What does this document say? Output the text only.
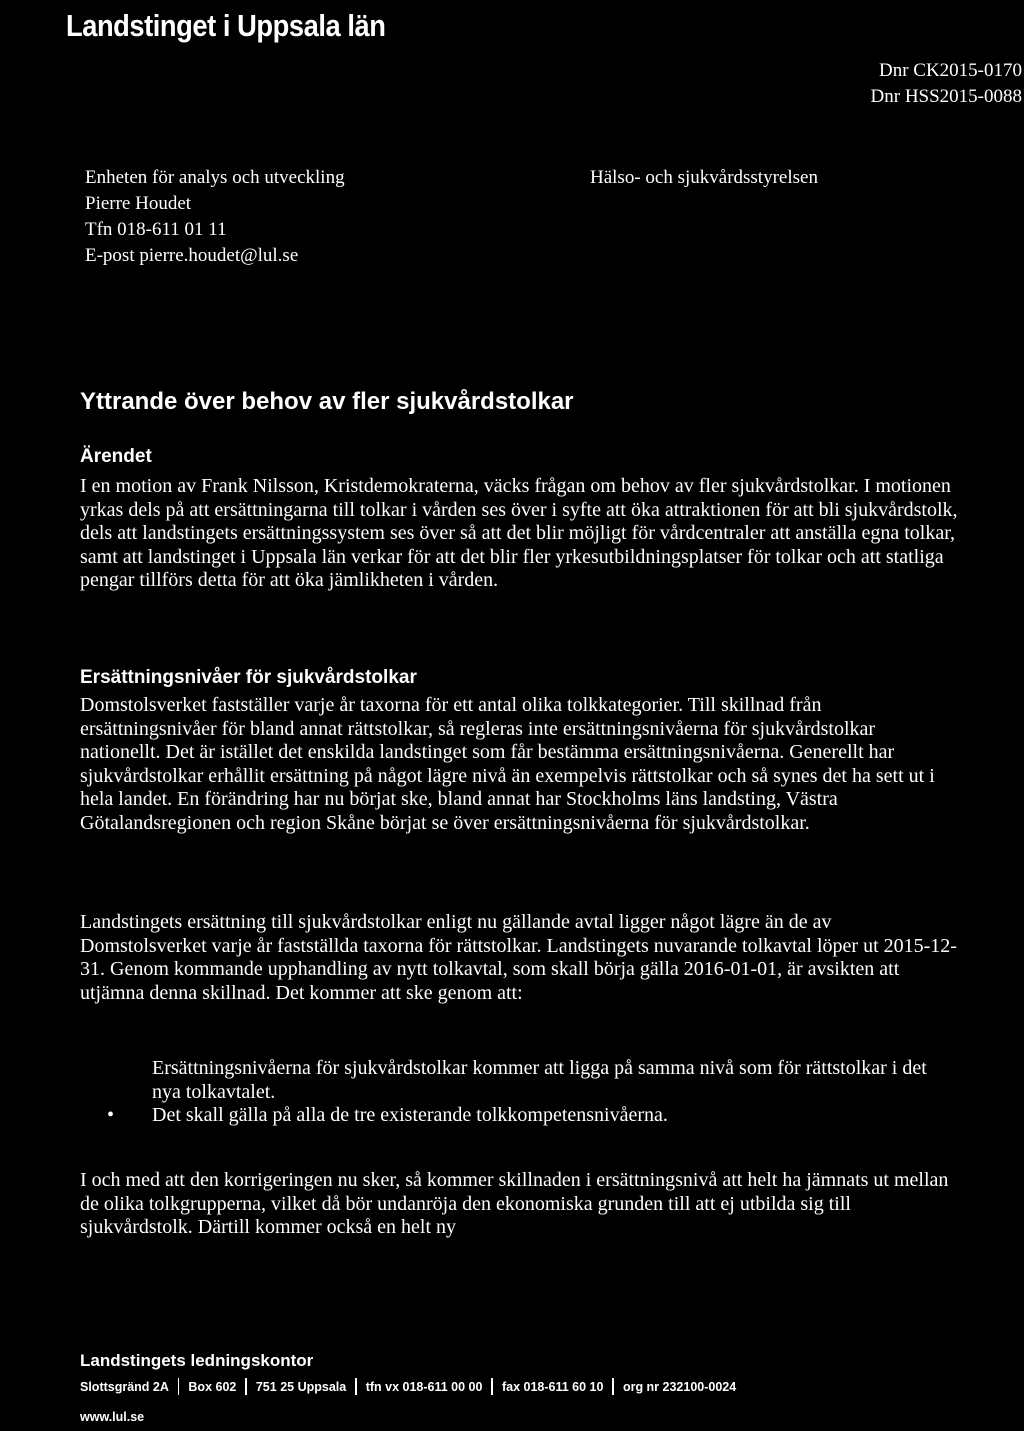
Landstinget i Uppsala län
Dnr CK2015-0170
Dnr HSS2015-0088
Enheten för analys och utveckling
Pierre Houdet
Tfn 018-611 01 11
E-post pierre.houdet@lul.se
Hälso- och sjukvårdsstyrelsen
Yttrande över behov av fler sjukvårdstolkar
Ärendet

I en motion av Frank Nilsson, Kristdemokraterna, väcks frågan om behov av fler sjukvårdstolkar. I motionen yrkas dels på att ersättningarna till tolkar i vården ses över i syfte att öka attraktionen för att bli sjukvårdstolk, dels att landstingets ersättningssystem ses över så att det blir möjligt för vårdcentraler att anställa egna tolkar, samt att landstinget i Uppsala län verkar för att det blir fler yrkesutbildningsplatser för tolkar och att statliga pengar tillförs detta för att öka jämlikheten i vården.

Ersättningsnivåer för sjukvårdstolkar

Domstolsverket fastställer varje år taxorna för ett antal olika tolkkategorier. Till skillnad från ersättningsnivåer för bland annat rättstolkar, så regleras inte ersättningsnivåerna för sjukvårdstolkar nationellt. Det är istället det enskilda landstinget som får bestämma ersättningsnivåerna. Generellt har sjukvårdstolkar erhållit ersättning på något lägre nivå än exempelvis rättstolkar och så synes det ha sett ut i hela landet. En förändring har nu börjat ske, bland annat har Stockholms läns landsting, Västra Götalandsregionen och region Skåne börjat se över ersättningsnivåerna för sjukvårdstolkar.

Landstingets ersättning till sjukvårdstolkar enligt nu gällande avtal ligger något lägre än de av Domstolsverket varje år fastställda taxorna för rättstolkar. Landstingets nuvarande tolkavtal löper ut 2015-12-31. Genom kommande upphandling av nytt tolkavtal, som skall börja gälla 2016-01-01, är avsikten att utjämna denna skillnad. Det kommer att ske genom att:

Ersättningsnivåerna för sjukvårdstolkar kommer att ligga på samma nivå som för rättstolkar i det nya tolkavtalet.
• Det skall gälla på alla de tre existerande tolkkompetensnivåerna.

I och med att den korrigeringen nu sker, så kommer skillnaden i ersättningsnivå att helt ha jämnats ut mellan de olika tolkgrupperna, vilket då bör undanröja den ekonomiska grunden till att ej utbilda sig till sjukvårdstolk. Därtill kommer också en helt ny

Landstingets ledningskontor
Slottsgränd 2A Box 602 751 25 Uppsala tfn vx 018-611 00 00 fax 018-611 60 10 org nr 232100-0024
www.lul.se
